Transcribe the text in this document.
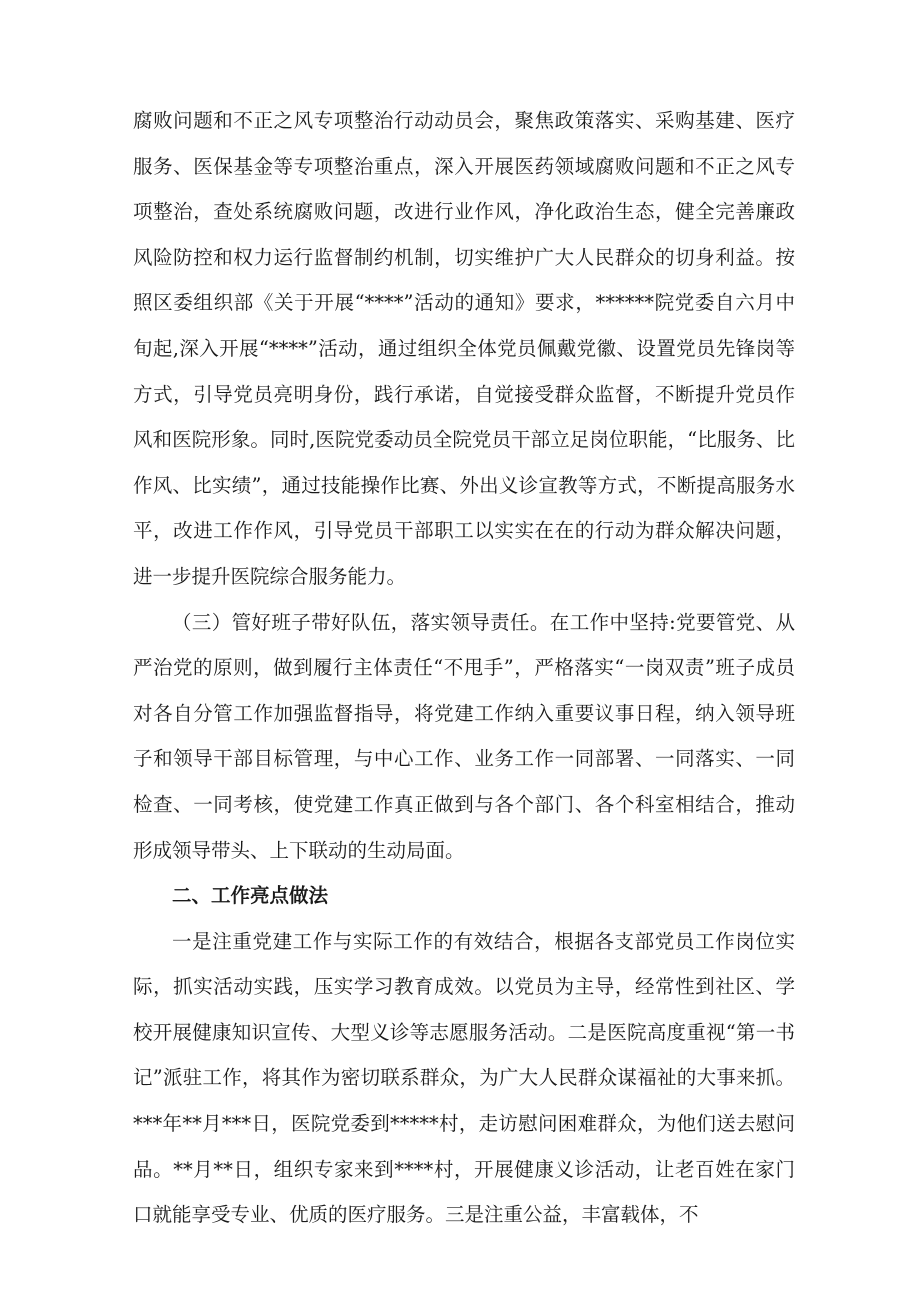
腐败问题和不正之风专项整治行动动员会，聚焦政策落实、采购基建、医疗服务、医保基金等专项整治重点，深入开展医药领域腐败问题和不正之风专项整治，查处系统腐败问题，改进行业作风，净化政治生态，健全完善廉政风险防控和权力运行监督制约机制，切实维护广大人民群众的切身利益。按照区委组织部《关于开展“****”活动的通知》要求，******院党委自六月中旬起,深入开展“****”活动，通过组织全体党员佩戴党徽、设置党员先锋岗等方式，引导党员亮明身份，践行承诺，自觉接受群众监督，不断提升党员作风和医院形象。同时,医院党委动员全院党员干部立足岗位职能，“比服务、比作风、比实绩”，通过技能操作比赛、外出义诊宣教等方式，不断提高服务水平，改进工作作风，引导党员干部职工以实实在在的行动为群众解决问题，进一步提升医院综合服务能力。

（三）管好班子带好队伍，落实领导责任。在工作中坚持:党要管党、从严治党的原则，做到履行主体责任“不甩手”，严格落实“一岗双责”班子成员对各自分管工作加强监督指导，将党建工作纳入重要议事日程，纳入领导班子和领导干部目标管理，与中心工作、业务工作一同部署、一同落实、一同检查、一同考核，使党建工作真正做到与各个部门、各个科室相结合，推动形成领导带头、上下联动的生动局面。

二、工作亮点做法

一是注重党建工作与实际工作的有效结合，根据各支部党员工作岗位实际，抓实活动实践，压实学习教育成效。以党员为主导，经常性到社区、学校开展健康知识宣传、大型义诊等志愿服务活动。二是医院高度重视“第一书记”派驻工作，将其作为密切联系群众，为广大人民群众谋福祉的大事来抓。***年**月***日，医院党委到*****村，走访慰问困难群众，为他们送去慰问品。**月**日，组织专家来到****村，开展健康义诊活动，让老百姓在家门口就能享受专业、优质的医疗服务。三是注重公益，丰富载体，不
